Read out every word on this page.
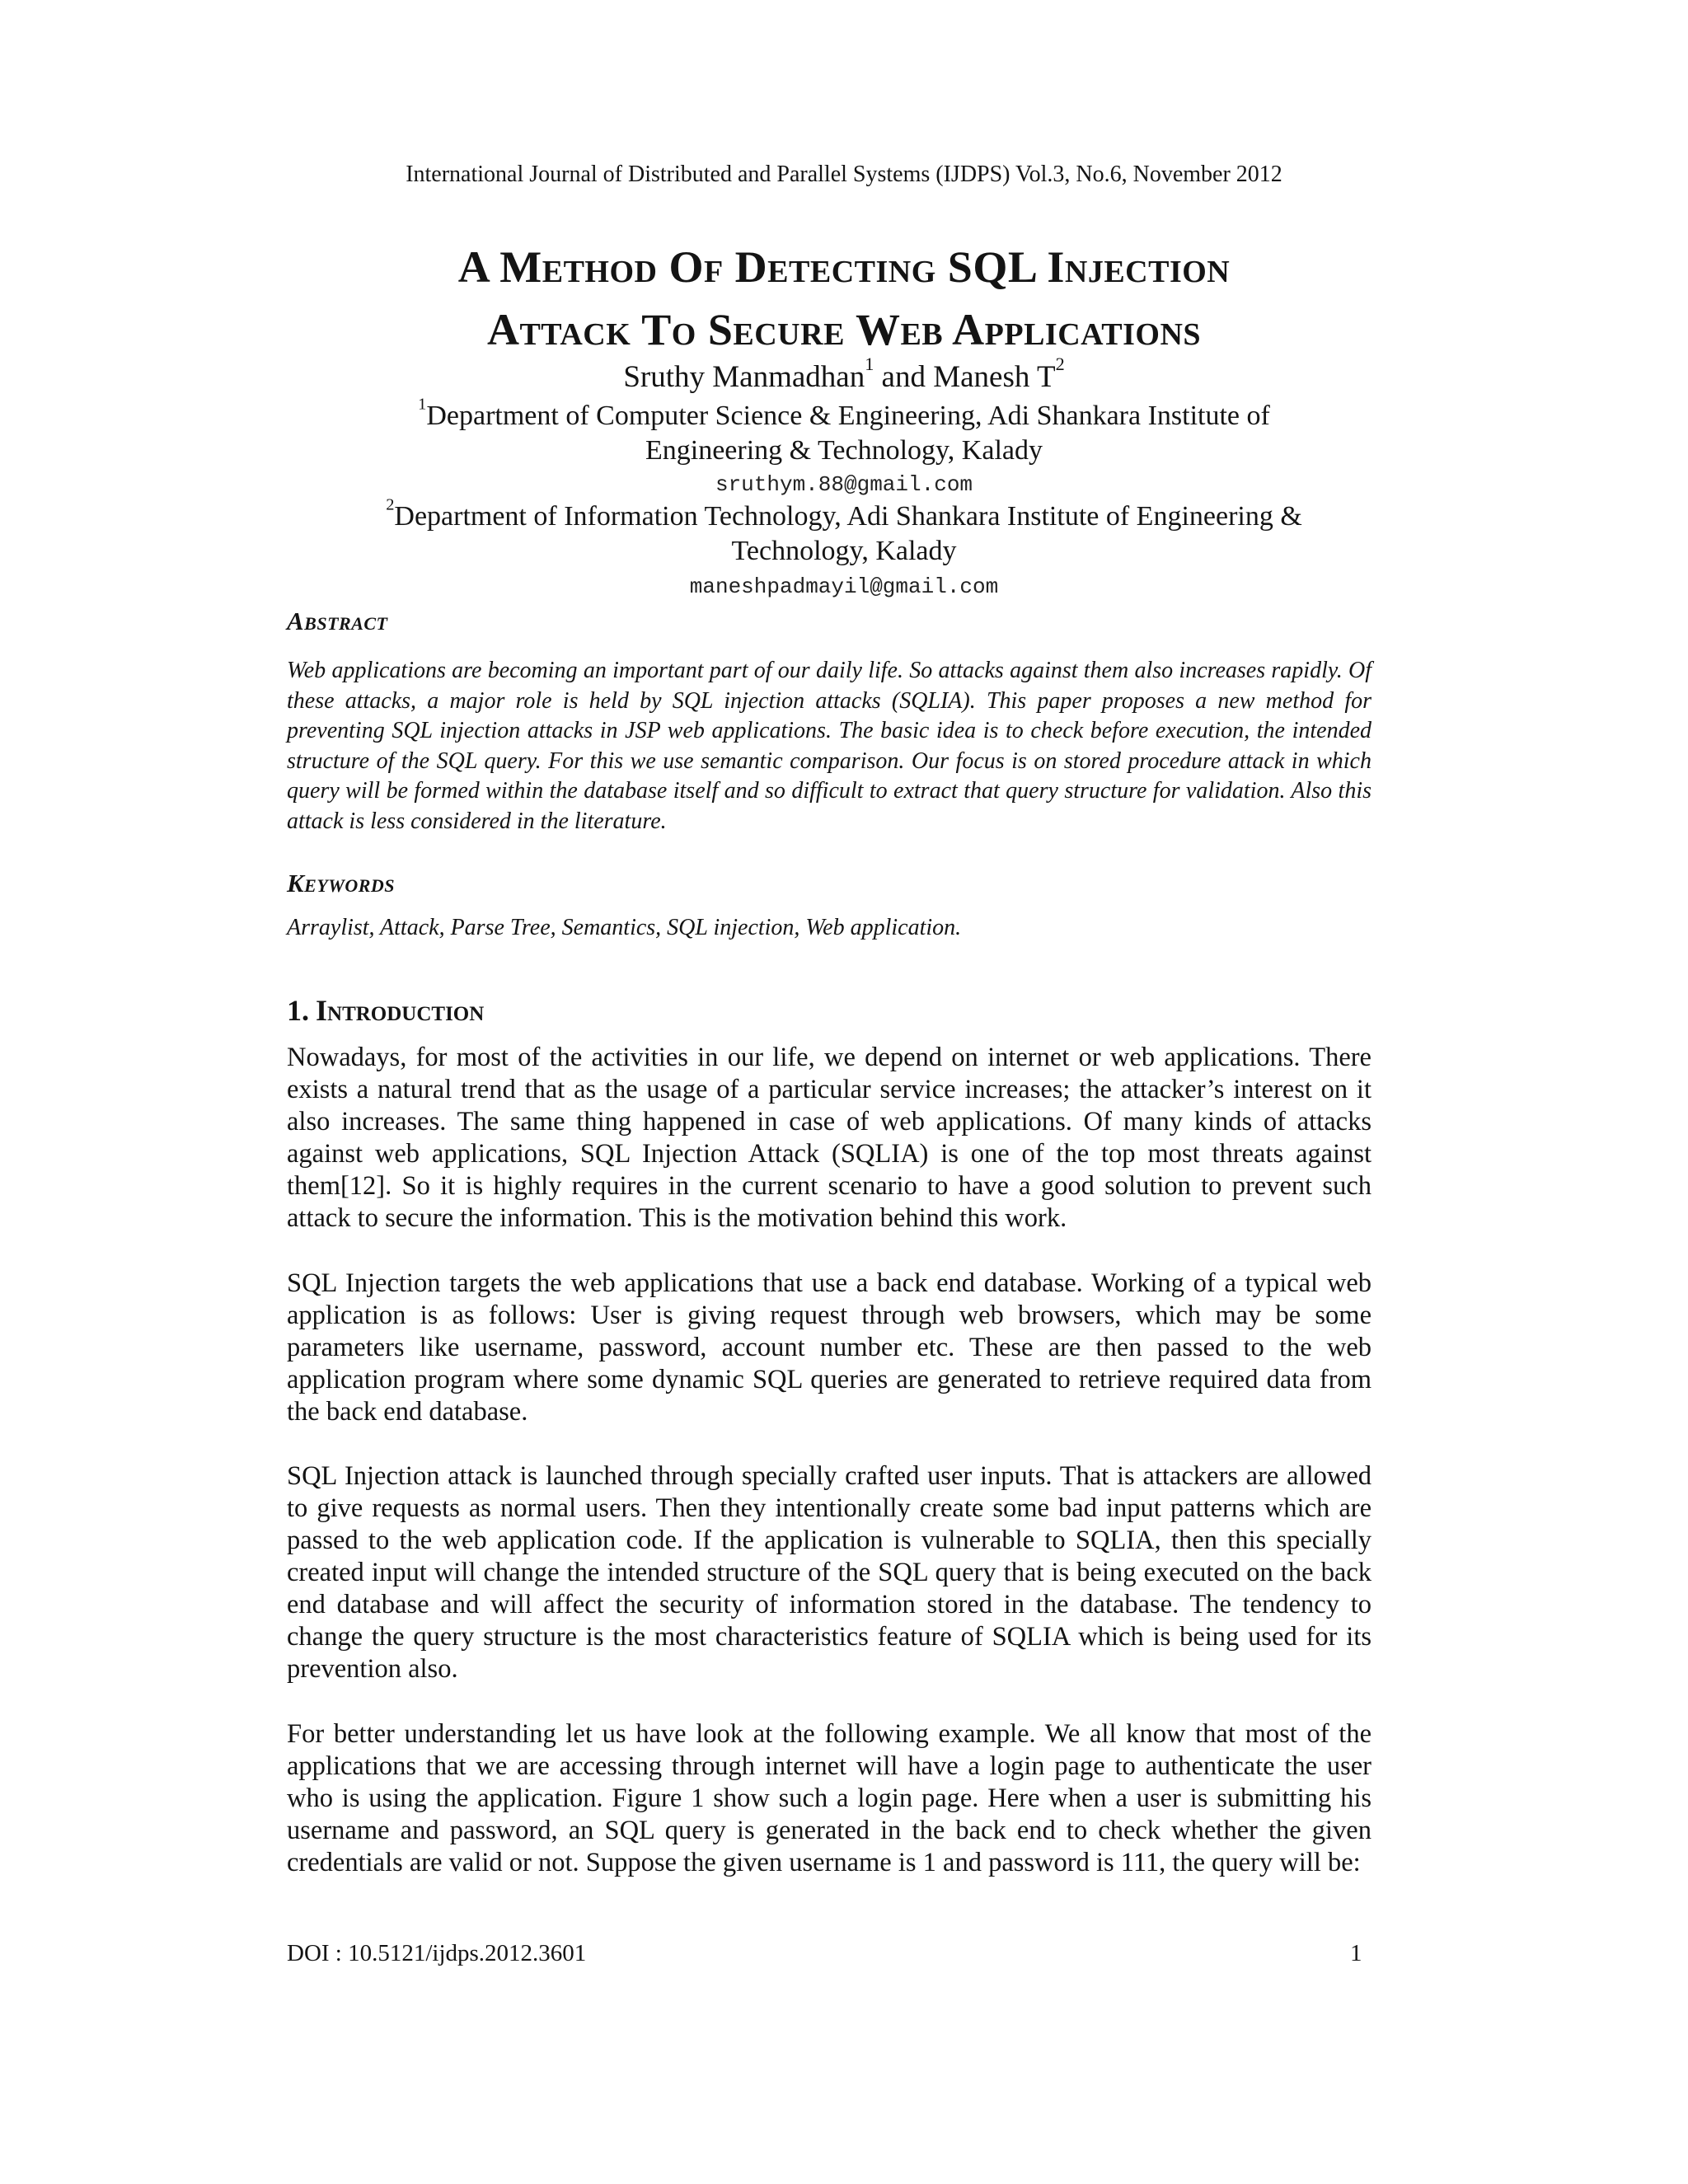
International Journal of Distributed and Parallel Systems (IJDPS) Vol.3, No.6, November 2012
A Method Of Detecting SQL Injection
Attack To Secure Web Applications
Sruthy Manmadhan$^1$ and Manesh $T^2$
$^1$Department of Computer Science & Engineering, Adi Shankara Institute of
Engineering & Technology, Kalady
sruthym.88@gmail.com
$^2$Department of Information Technology, Adi Shankara Institute of Engineering &
Technology, Kalady
maneshpadmayil@gmail.com
Abstract
Web applications are becoming an important part of our daily life. So attacks against them also increases rapidly. Of these attacks, a major role is held by SQL injection attacks (SQLIA). This paper proposes a new method for preventing SQL injection attacks in JSP web applications. The basic idea is to check before execution, the intended structure of the SQL query. For this we use semantic comparison. Our focus is on stored procedure attack in which query will be formed within the database itself and so difficult to extract that query structure for validation. Also this attack is less considered in the literature.
Keywords
Arraylist, Attack, Parse Tree, Semantics, SQL injection, Web application.
1. Introduction
Nowadays, for most of the activities in our life, we depend on internet or web applications. There exists a natural trend that as the usage of a particular service increases; the attacker’s interest on it also increases. The same thing happened in case of web applications. Of many kinds of attacks against web applications, SQL Injection Attack (SQLIA) is one of the top most threats against them[12]. So it is highly requires in the current scenario to have a good solution to prevent such attack to secure the information. This is the motivation behind this work.
SQL Injection targets the web applications that use a back end database. Working of a typical web application is as follows: User is giving request through web browsers, which may be some parameters like username, password, account number etc. These are then passed to the web application program where some dynamic SQL queries are generated to retrieve required data from the back end database.
SQL Injection attack is launched through specially crafted user inputs. That is attackers are allowed to give requests as normal users. Then they intentionally create some bad input patterns which are passed to the web application code. If the application is vulnerable to SQLIA, then this specially created input will change the intended structure of the SQL query that is being executed on the back end database and will affect the security of information stored in the database. The tendency to change the query structure is the most characteristics feature of SQLIA which is being used for its prevention also.
For better understanding let us have look at the following example. We all know that most of the applications that we are accessing through internet will have a login page to authenticate the user who is using the application. Figure 1 show such a login page. Here when a user is submitting his username and password, an SQL query is generated in the back end to check whether the given credentials are valid or not. Suppose the given username is 1 and password is 111, the query will be:
DOI : 10.5121/ijdps.2012.3601	1
